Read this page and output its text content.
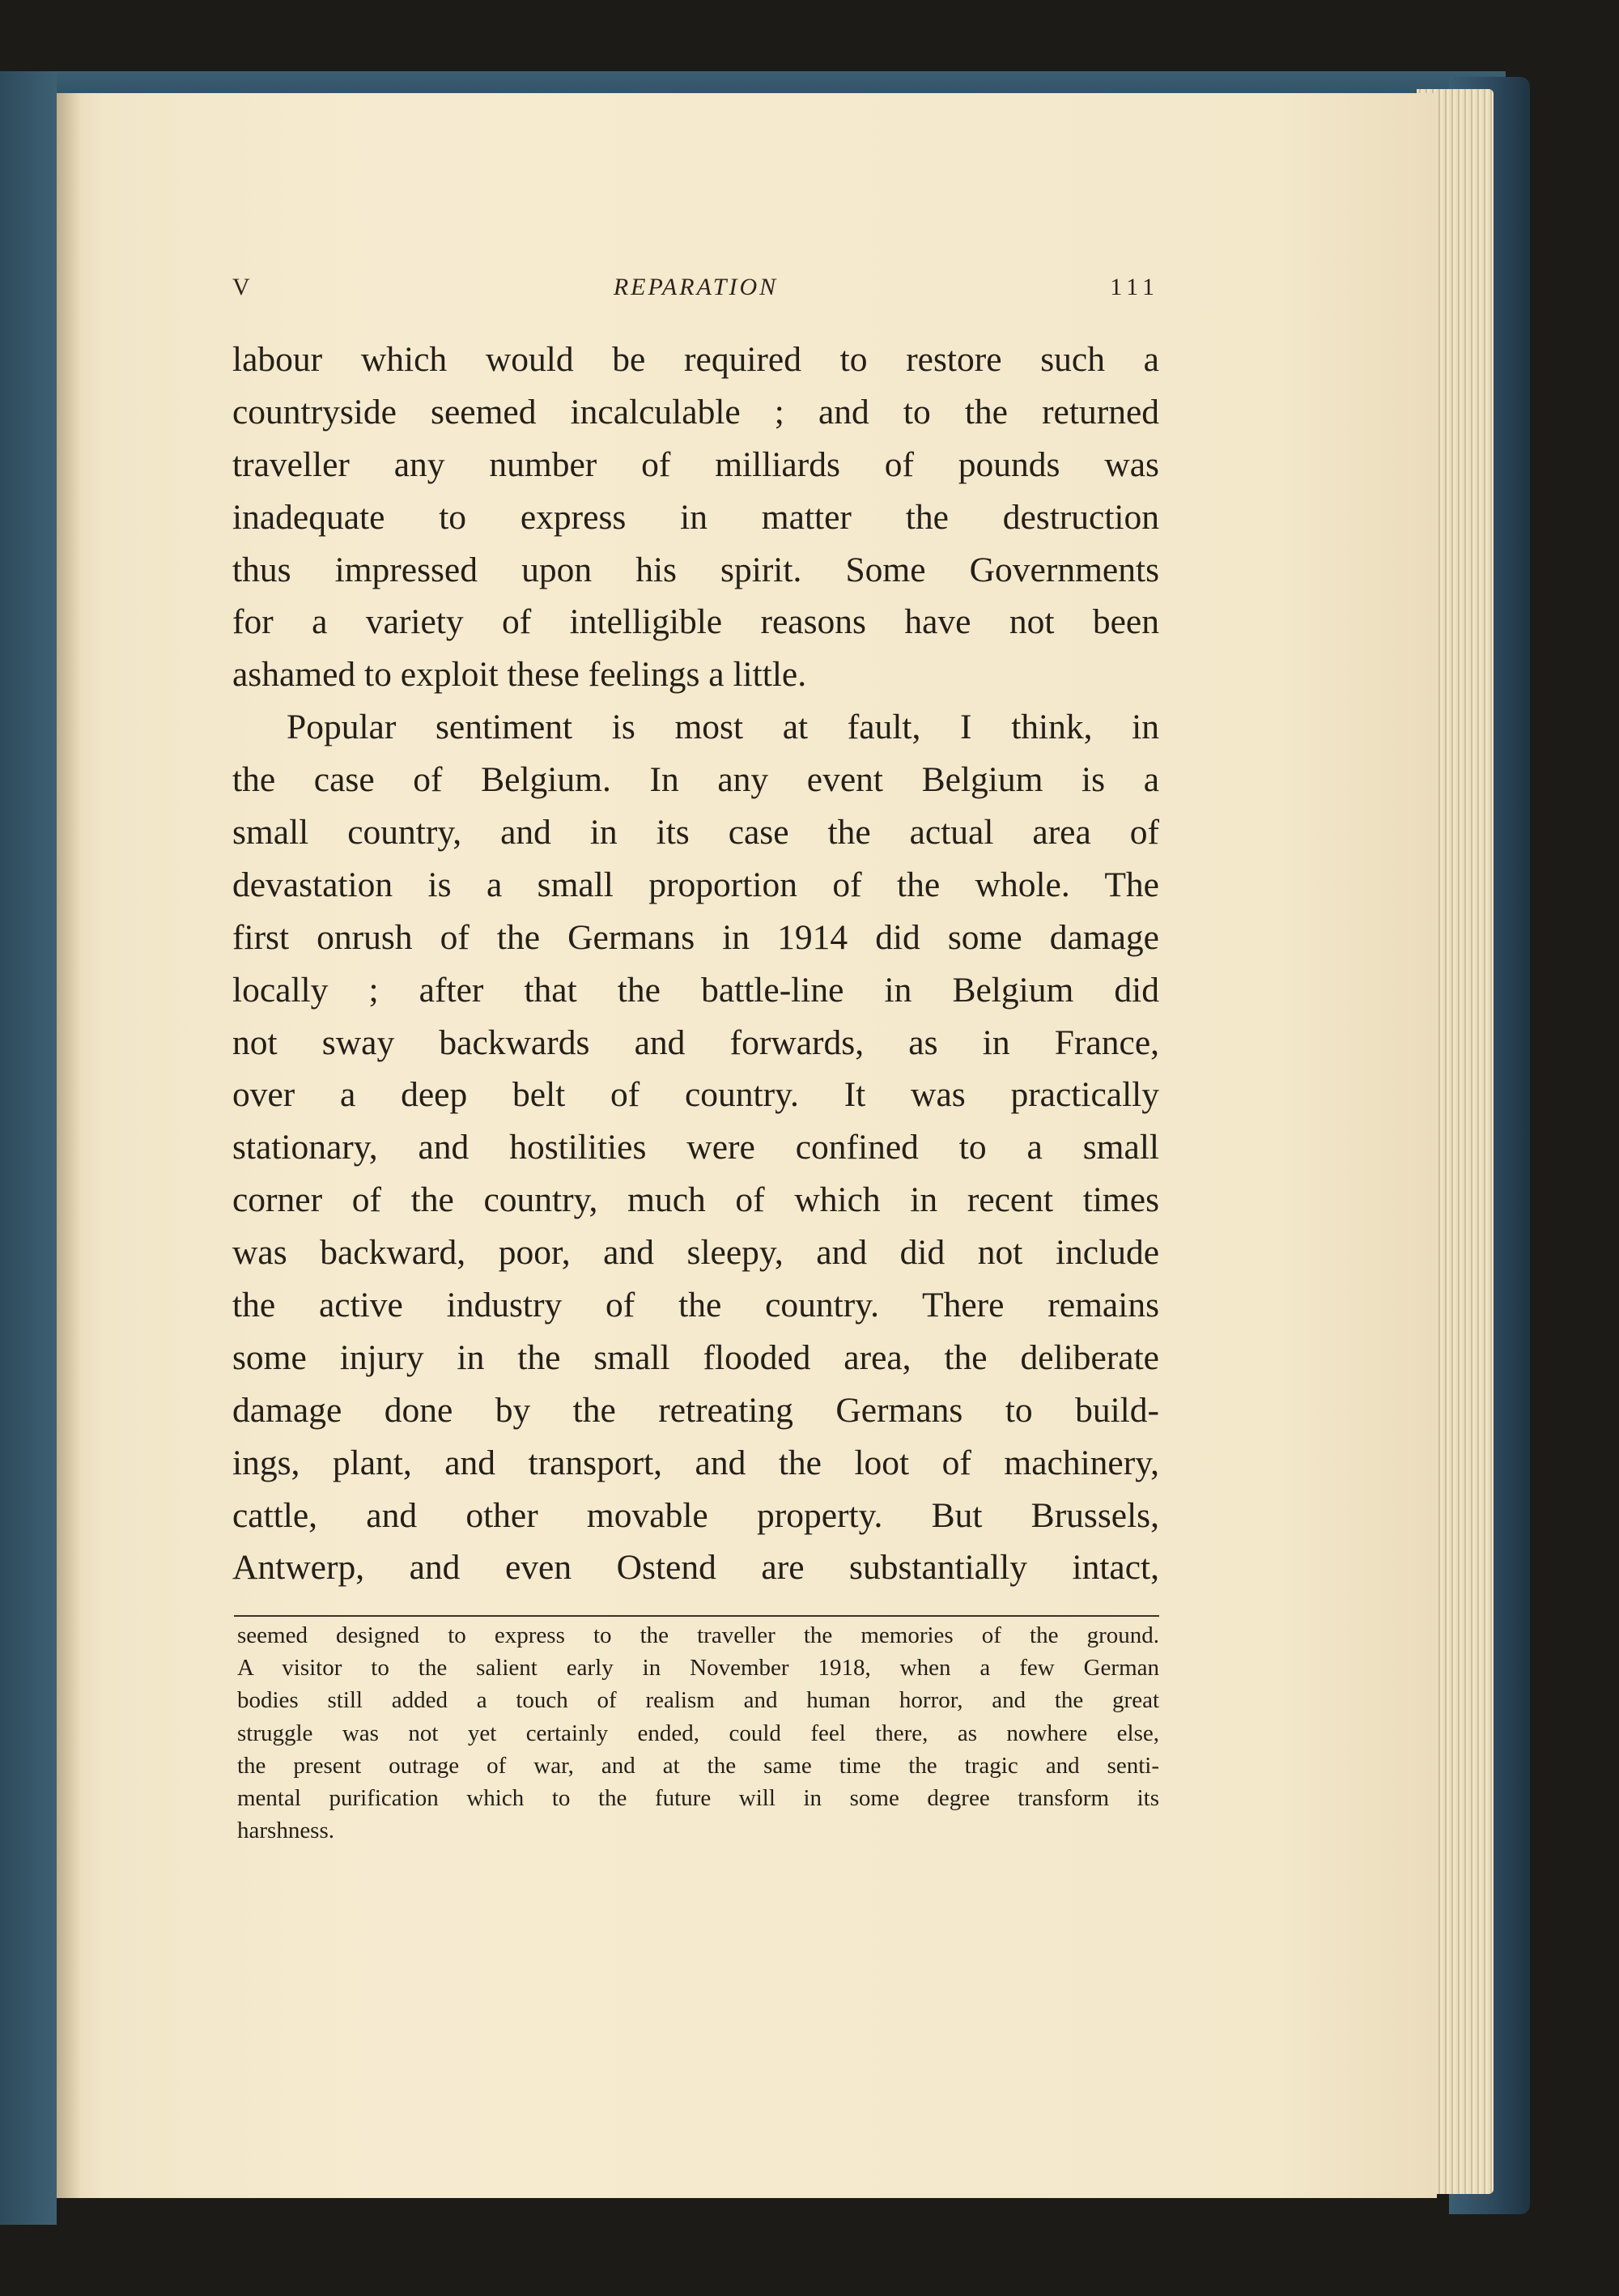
V	REPARATION	111
labour which would be required to restore such a
countryside seemed incalculable ; and to the returned
traveller any number of milliards of pounds was
inadequate to express in matter the destruction
thus impressed upon his spirit. Some Governments
for a variety of intelligible reasons have not been
ashamed to exploit these feelings a little.
Popular sentiment is most at fault, I think, in
the case of Belgium. In any event Belgium is a
small country, and in its case the actual area of
devastation is a small proportion of the whole. The
first onrush of the Germans in 1914 did some damage
locally ; after that the battle-line in Belgium did
not sway backwards and forwards, as in France,
over a deep belt of country. It was practically
stationary, and hostilities were confined to a small
corner of the country, much of which in recent times
was backward, poor, and sleepy, and did not include
the active industry of the country. There remains
some injury in the small flooded area, the deliberate
damage done by the retreating Germans to build-
ings, plant, and transport, and the loot of machinery,
cattle, and other movable property. But Brussels,
Antwerp, and even Ostend are substantially intact,
seemed designed to express to the traveller the memories of the ground.
A visitor to the salient early in November 1918, when a few German
bodies still added a touch of realism and human horror, and the great
struggle was not yet certainly ended, could feel there, as nowhere else,
the present outrage of war, and at the same time the tragic and senti-
mental purification which to the future will in some degree transform its
harshness.
